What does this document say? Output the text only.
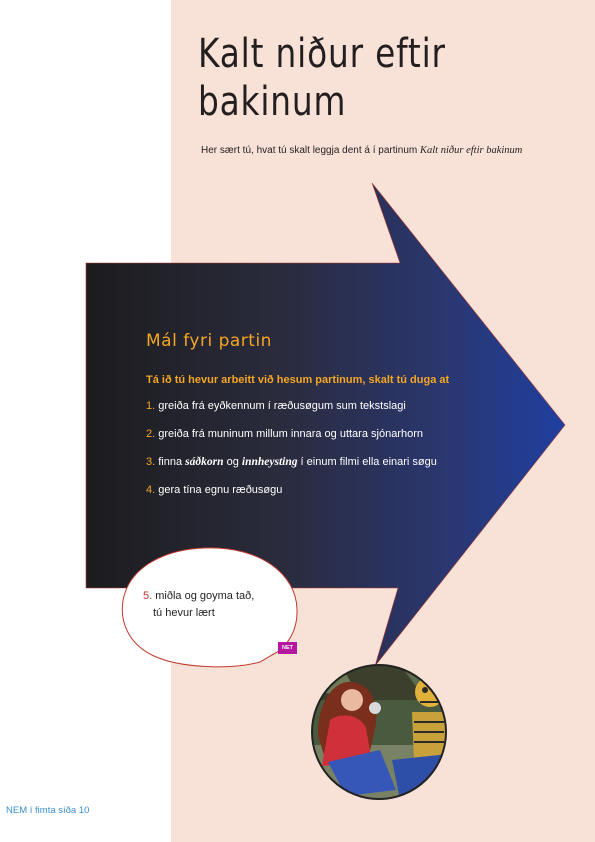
Kalt niður eftir
bakinum
Her sært tú, hvat tú skalt leggja dent á í partinum Kalt niður eftir bakinum
Mál fyri partin
Tá ið tú hevur arbeitt við hesum partinum, skalt tú duga at
1. greiða frá eyðkennum í ræðusøgum sum tekstslagi
2. greiða frá muninum millum innara og uttara sjónarhorn
3. finna sáðkorn og innheysting í einum filmi ella einari søgu
4. gera tína egnu ræðusøgu
5. miðla og goyma tað,
tú hevur lært
NET
NEM í fimta síða 10
